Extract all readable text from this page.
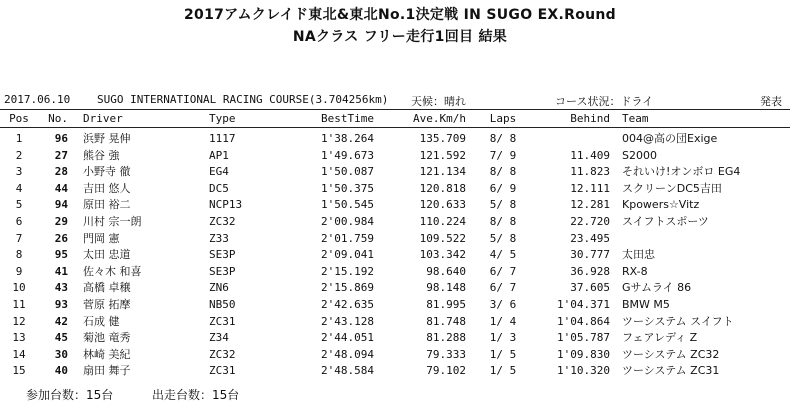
2017アムクレイド東北&東北No.1決定戦 IN SUGO EX.Round
NAクラス フリー走行1回目 結果
2017.06.10 SUGO INTERNATIONAL RACING COURSE(3.704256km) 天候：晴れ	コース状況：ドライ	発表
Pos No. Driver	Type	BestTime	Ave.Km/h	Laps	Behind Team
1	96 浜野 晃伸	1117	1'38.264	135.709	8/ 8	004@高の団Exige
2	27 熊谷 強	AP1	1'49.673	121.592	7/ 9	11.409 S2000
3	28 小野寺 徹	EG4	1'50.087	121.134	8/ 8	11.823 それいけ!オンボロ EG4
4	44 吉田 悠人	DC5	1'50.375	120.818	6/ 9	12.111 スクリーンDC5吉田
5	94 原田 裕二	NCP13	1'50.545	120.633	5/ 8	12.281 Kpowers☆Vitz
6	29 川村 宗一朗	ZC32	2'00.984	110.224	8/ 8	22.720 スイフトスポーツ
7	26 門岡 憲	Z33	2'01.759	109.522	5/ 8	23.495
8	95 太田 忠道	SE3P	2'09.041	103.342	4/ 5	30.777 太田忠
9	41 佐々木 和喜	SE3P	2'15.192	98.640	6/ 7	36.928 RX-8
10	43 高橋 卓穣	ZN6	2'15.869	98.148	6/ 7	37.605 Gサムライ 86
11	93 菅原 拓摩	NB50	2'42.635	81.995	3/ 6	1'04.371 BMW M5
12	42 石成 健	ZC31	2'43.128	81.748	1/ 4	1'04.864 ツーシステム スイフト
13	45 菊池 竜秀	Z34	2'44.051	81.288	1/ 3	1'05.787 フェアレディ Z
14	30 林崎 美紀	ZC32	2'48.094	79.333	1/ 5	1'09.830 ツーシステム ZC32
15	40 扇田 舞子	ZC31	2'48.584	79.102	1/ 5	1'10.320 ツーシステム ZC31
参加台数：15台	出走台数：15台
